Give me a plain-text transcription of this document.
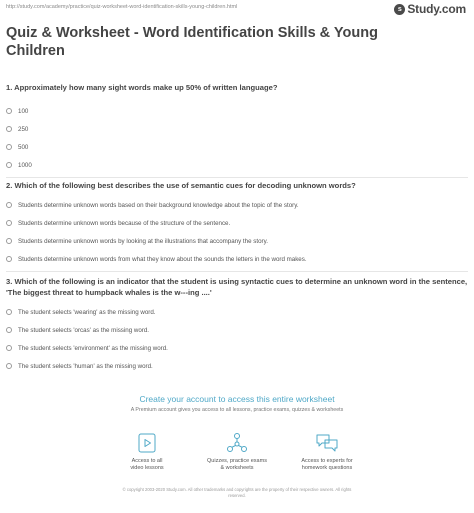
http://study.com/academy/practice/quiz-worksheet-word-identification-skills-young-children.html	s Study.com
Quiz & Worksheet - Word Identification Skills & Young Children
1. Approximately how many sight words make up 50% of written language?
100
250
500
1000
2. Which of the following best describes the use of semantic cues for decoding unknown words?
Students determine unknown words based on their background knowledge about the topic of the story.
Students determine unknown words because of the structure of the sentence.
Students determine unknown words by looking at the illustrations that accompany the story.
Students determine unknown words from what they know about the sounds the letters in the word makes.
3. Which of the following is an indicator that the student is using syntactic cues to determine an unknown word in the sentence, 'The biggest threat to humpback whales is the w---ing ....'
The student selects 'wearing' as the missing word.
The student selects 'orcas' as the missing word.
The student selects 'environment' as the missing word.
The student selects 'human' as the missing word.
Create your account to access this entire worksheet
A Premium account gives you access to all lessons, practice exams, quizzes & worksheets
Access to all
video lessons
Quizzes, practice exams
& worksheets
Access to experts for
homework questions
© copyright 2003-2020 Study.com. All other trademarks and copyrights are the property of their respective owners. All rights
reserved.
